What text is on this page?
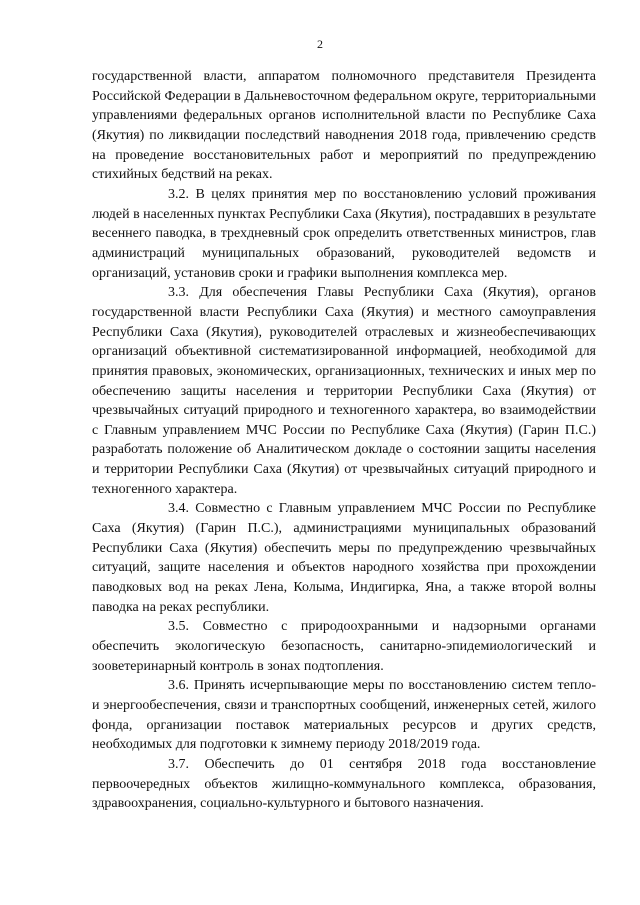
2

государственной власти, аппаратом полномочного представителя Президента Российской Федерации в Дальневосточном федеральном округе, территориальными управлениями федеральных органов исполнительной власти по Республике Саха (Якутия) по ликвидации последствий наводнения 2018 года, привлечению средств на проведение восстановительных работ и мероприятий по предупреждению стихийных бедствий на реках.

3.2. В целях принятия мер по восстановлению условий проживания людей в населенных пунктах Республики Саха (Якутия), пострадавших в результате весеннего паводка, в трехдневный срок определить ответственных министров, глав администраций муниципальных образований, руководителей ведомств и организаций, установив сроки и графики выполнения комплекса мер.

3.3. Для обеспечения Главы Республики Саха (Якутия), органов государственной власти Республики Саха (Якутия) и местного самоуправления Республики Саха (Якутия), руководителей отраслевых и жизнеобеспечивающих организаций объективной систематизированной информацией, необходимой для принятия правовых, экономических, организационных, технических и иных мер по обеспечению защиты населения и территории Республики Саха (Якутия) от чрезвычайных ситуаций природного и техногенного характера, во взаимодействии с Главным управлением МЧС России по Республике Саха (Якутия) (Гарин П.С.) разработать положение об Аналитическом докладе о состоянии защиты населения и территории Республики Саха (Якутия) от чрезвычайных ситуаций природного и техногенного характера.

3.4. Совместно с Главным управлением МЧС России по Республике Саха (Якутия) (Гарин П.С.), администрациями муниципальных образований Республики Саха (Якутия) обеспечить меры по предупреждению чрезвычайных ситуаций, защите населения и объектов народного хозяйства при прохождении паводковых вод на реках Лена, Колыма, Индигирка, Яна, а также второй волны паводка на реках республики.

3.5. Совместно с природоохранными и надзорными органами обеспечить экологическую безопасность, санитарно-эпидемиологический и зооветеринарный контроль в зонах подтопления.

3.6. Принять исчерпывающие меры по восстановлению систем тепло- и энергообеспечения, связи и транспортных сообщений, инженерных сетей, жилого фонда, организации поставок материальных ресурсов и других средств, необходимых для подготовки к зимнему периоду 2018/2019 года.

3.7. Обеспечить до 01 сентября 2018 года восстановление первоочередных объектов жилищно-коммунального комплекса, образования, здравоохранения, социально-культурного и бытового назначения.
